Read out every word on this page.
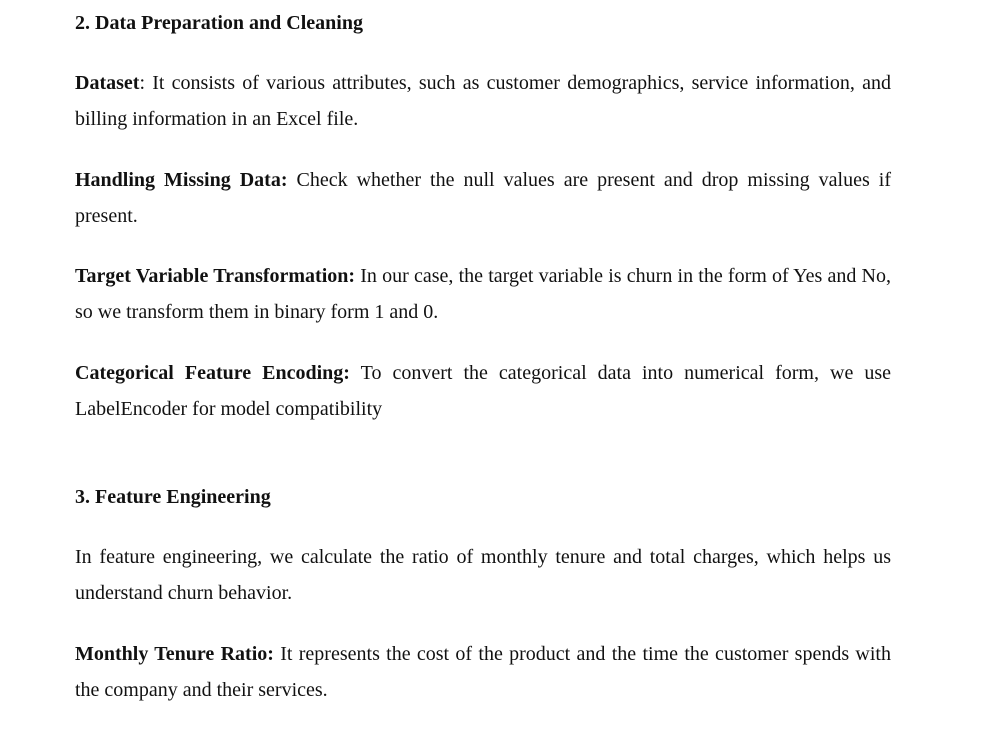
2. Data Preparation and Cleaning

Dataset: It consists of various attributes, such as customer demographics, service information, and billing information in an Excel file.

Handling Missing Data: Check whether the null values are present and drop missing values if present.

Target Variable Transformation: In our case, the target variable is churn in the form of Yes and No, so we transform them in binary form 1 and 0.

Categorical Feature Encoding: To convert the categorical data into numerical form, we use LabelEncoder for model compatibility

3. Feature Engineering

In feature engineering, we calculate the ratio of monthly tenure and total charges, which helps us understand churn behavior.

Monthly Tenure Ratio: It represents the cost of the product and the time the customer spends with the company and their services.
